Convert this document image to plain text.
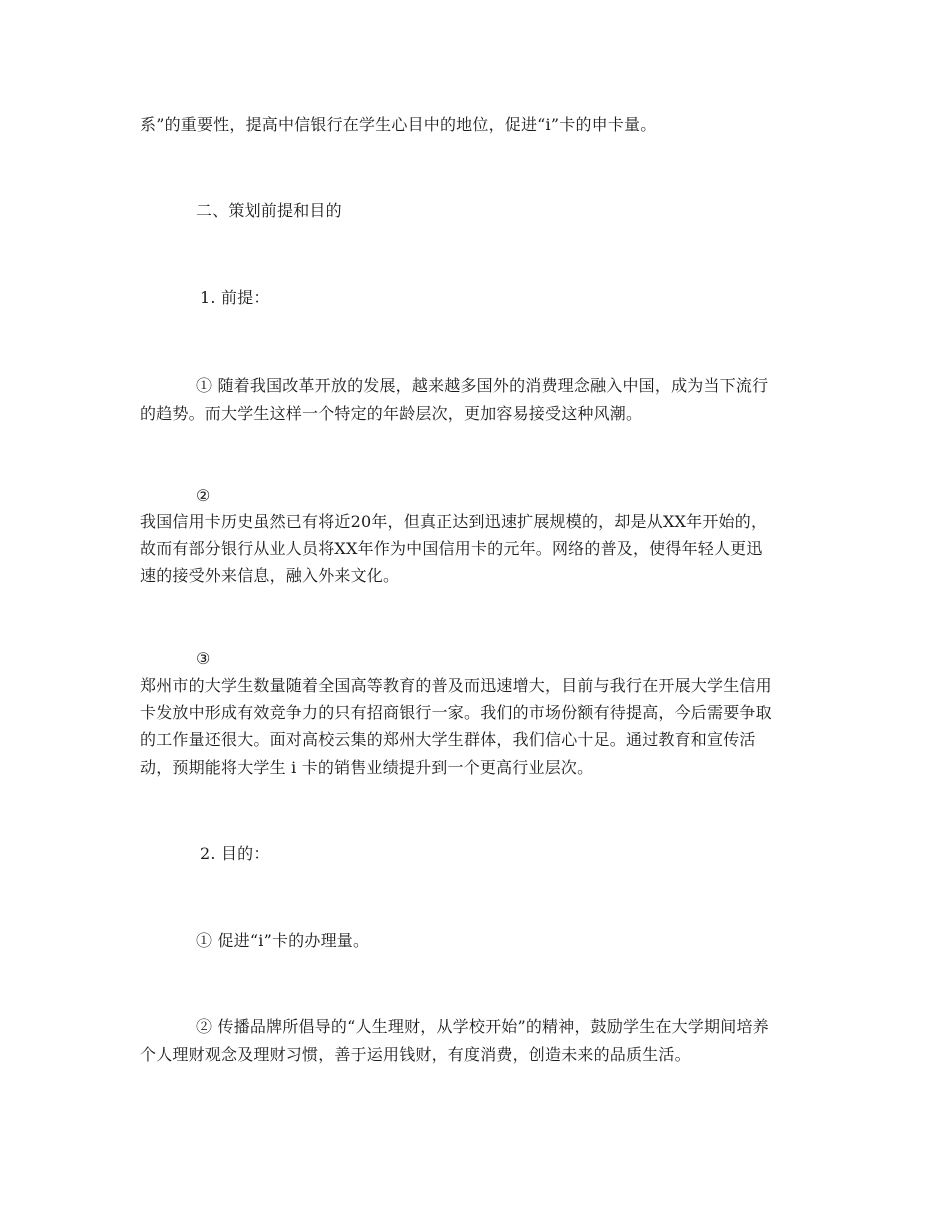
系”的重要性，提高中信银行在学生心目中的地位，促进“i”卡的申卡量。
二、策划前提和目的
1. 前提：
① 随着我国改革开放的发展，越来越多国外的消费理念融入中国，成为当下流行
的趋势。而大学生这样一个特定的年龄层次，更加容易接受这种风潮。
②
我国信用卡历史虽然已有将近20年，但真正达到迅速扩展规模的，却是从XX年开始的，
故而有部分银行从业人员将XX年作为中国信用卡的元年。网络的普及，使得年轻人更迅
速的接受外来信息，融入外来文化。
③
郑州市的大学生数量随着全国高等教育的普及而迅速增大，目前与我行在开展大学生信用
卡发放中形成有效竞争力的只有招商银行一家。我们的市场份额有待提高，今后需要争取
的工作量还很大。面对高校云集的郑州大学生群体，我们信心十足。通过教育和宣传活
动，预期能将大学生 i 卡的销售业绩提升到一个更高行业层次。
2. 目的：
① 促进“i”卡的办理量。
② 传播品牌所倡导的“人生理财，从学校开始”的精神，鼓励学生在大学期间培养
个人理财观念及理财习惯，善于运用钱财，有度消费，创造未来的品质生活。
